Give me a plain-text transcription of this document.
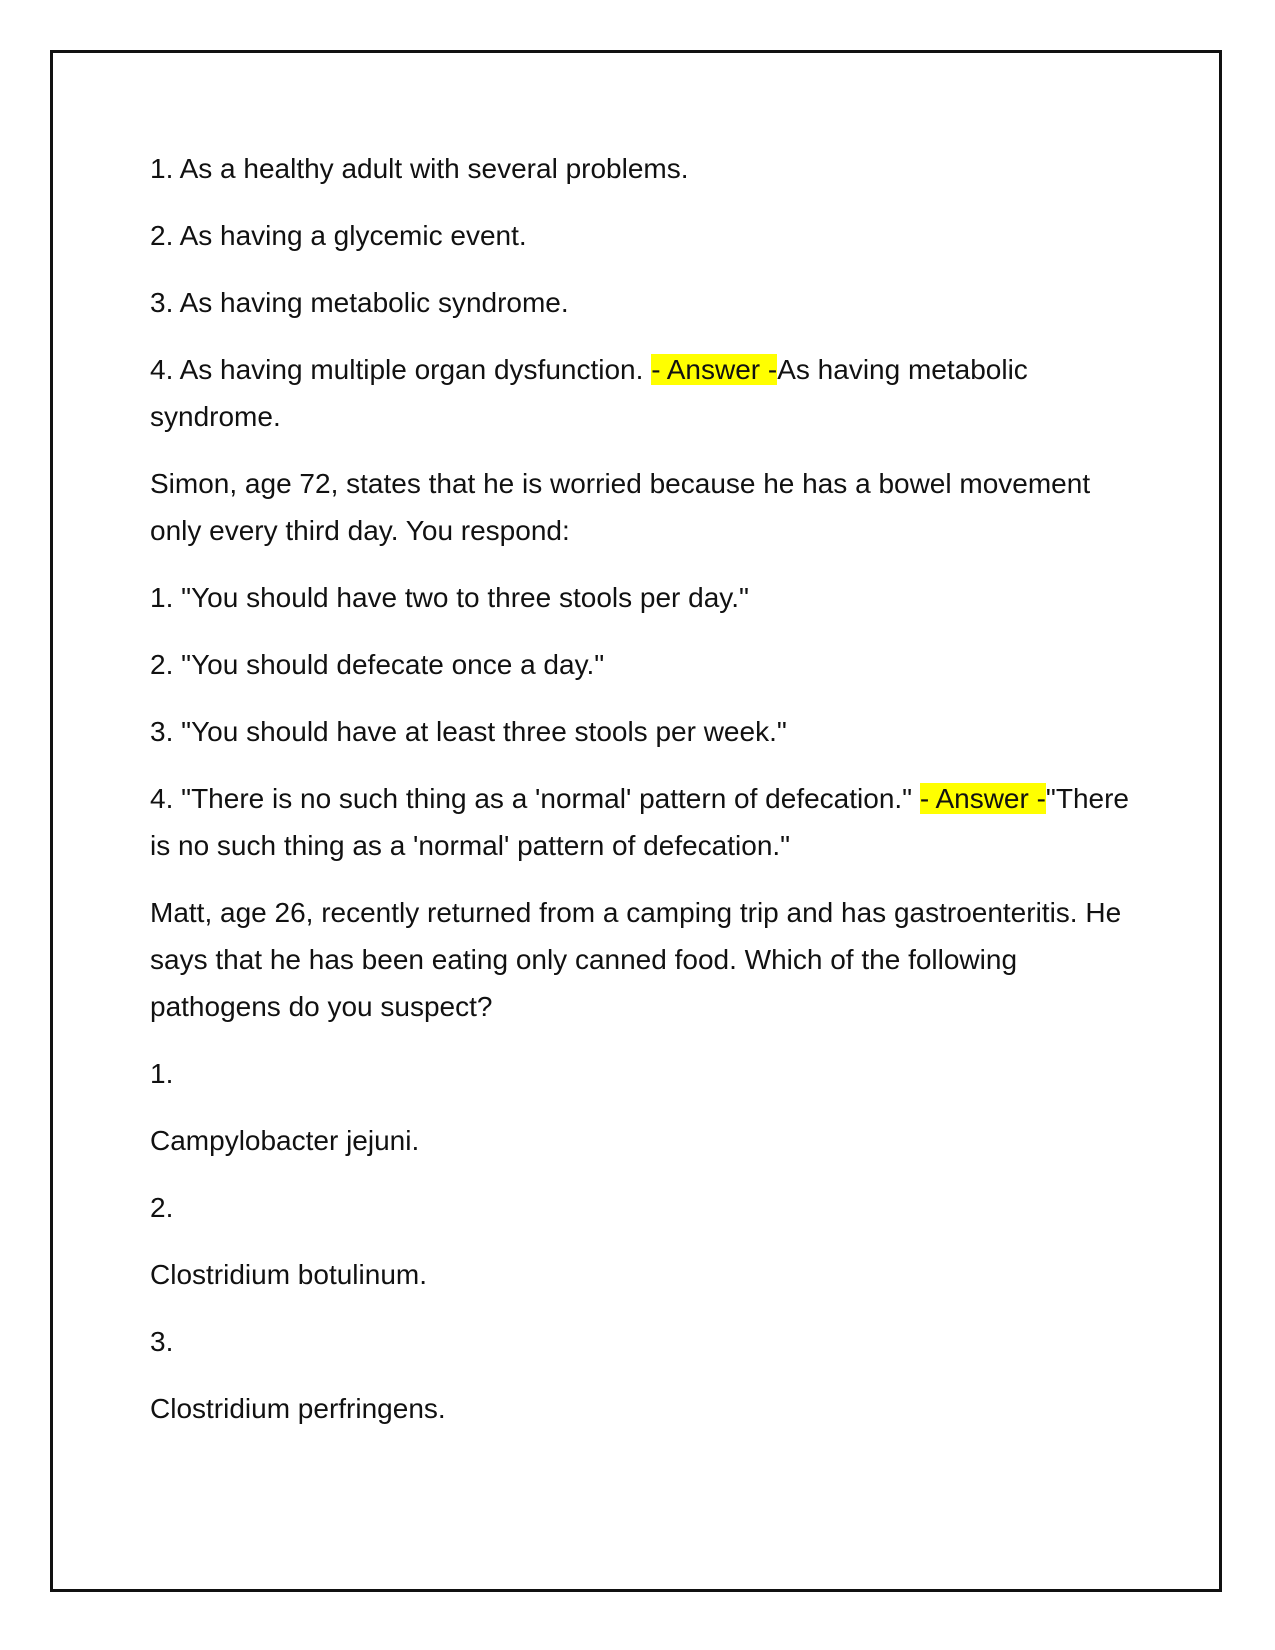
1. As a healthy adult with several problems.

2. As having a glycemic event.

3. As having metabolic syndrome.

4. As having multiple organ dysfunction. - Answer -As having metabolic syndrome.

Simon, age 72, states that he is worried because he has a bowel movement only every third day. You respond:

1. "You should have two to three stools per day."

2. "You should defecate once a day."

3. "You should have at least three stools per week."

4. "There is no such thing as a 'normal' pattern of defecation." - Answer -"There is no such thing as a 'normal' pattern of defecation."

Matt, age 26, recently returned from a camping trip and has gastroenteritis. He says that he has been eating only canned food. Which of the following pathogens do you suspect?

1.

Campylobacter jejuni.

2.

Clostridium botulinum.

3.

Clostridium perfringens.
